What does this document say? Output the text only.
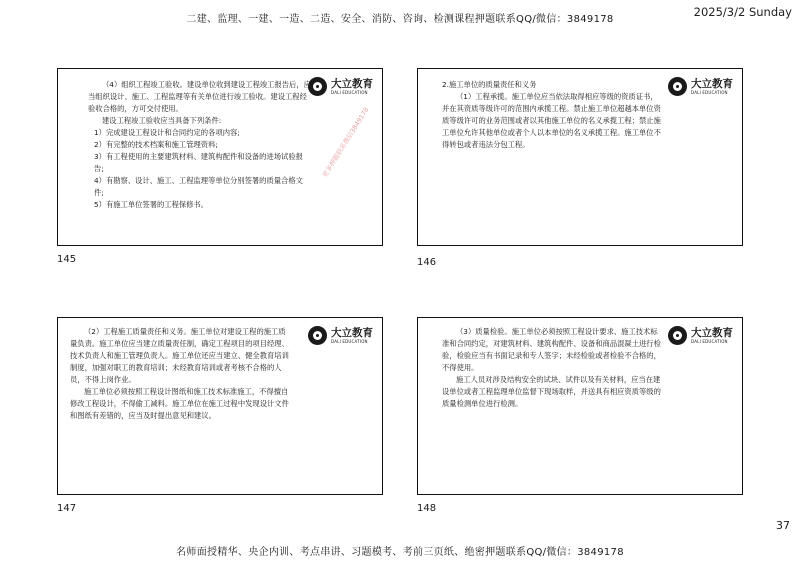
二建、监理、一建、一造、二造、安全、消防、咨询、检测课程押题联系QQ/微信：3849178
2025/3/2 Sunday
大立教育
DALI EDUCATION

（4）组织工程竣工验收。建设单位收到建设工程竣工报告后，应当组织设计、施工、工程监理等有关单位进行竣工验收。建设工程经验收合格的，方可交付使用。

建设工程竣工验收应当具备下列条件:

1）完成建设工程设计和合同约定的各项内容;

2）有完整的技术档案和施工管理资料;

3）有工程使用的主要建筑材料、建筑构配件和设备的进场试验报告;

4）有勘察、设计、施工、工程监理等单位分别签署的质量合格文件;

5）有施工单位签署的工程保修书。

更多押题联系微信3849178
145
大立教育
DALI EDUCATION

2.施工单位的质量责任和义务

（1）工程承揽。施工单位应当依法取得相应等级的资质证书，并在其资质等级许可的范围内承揽工程。禁止施工单位超越本单位资质等级许可的业务范围或者以其他施工单位的名义承揽工程；禁止施工单位允许其他单位或者个人以本单位的名义承揽工程。施工单位不得转包或者违法分包工程。

146
大立教育
DALI EDUCATION

（2）工程施工质量责任和义务。施工单位对建设工程的施工质量负责。施工单位应当建立质量责任制，确定工程项目的项目经理、技术负责人和施工管理负责人。施工单位还应当建立、健全教育培训制度，加强对职工的教育培训；未经教育培训或者考核不合格的人员，不得上岗作业。

施工单位必须按照工程设计图纸和施工技术标准施工，不得擅自修改工程设计，不得偷工减料。施工单位在施工过程中发现设计文件和图纸有差错的，应当及时提出意见和建议。

147
大立教育
DALI EDUCATION

（3）质量检验。施工单位必须按照工程设计要求、施工技术标准和合同约定，对建筑材料、建筑构配件、设备和商品混凝土进行检验，检验应当有书面记录和专人签字；未经检验或者检验不合格的，不得使用。

施工人员对涉及结构安全的试块、试件以及有关材料，应当在建设单位或者工程监理单位监督下现场取样，并送具有相应资质等级的质量检测单位进行检测。

148
37
名师面授精华、央企内训、考点串讲、习题模考、考前三页纸、绝密押题联系QQ/微信：3849178
